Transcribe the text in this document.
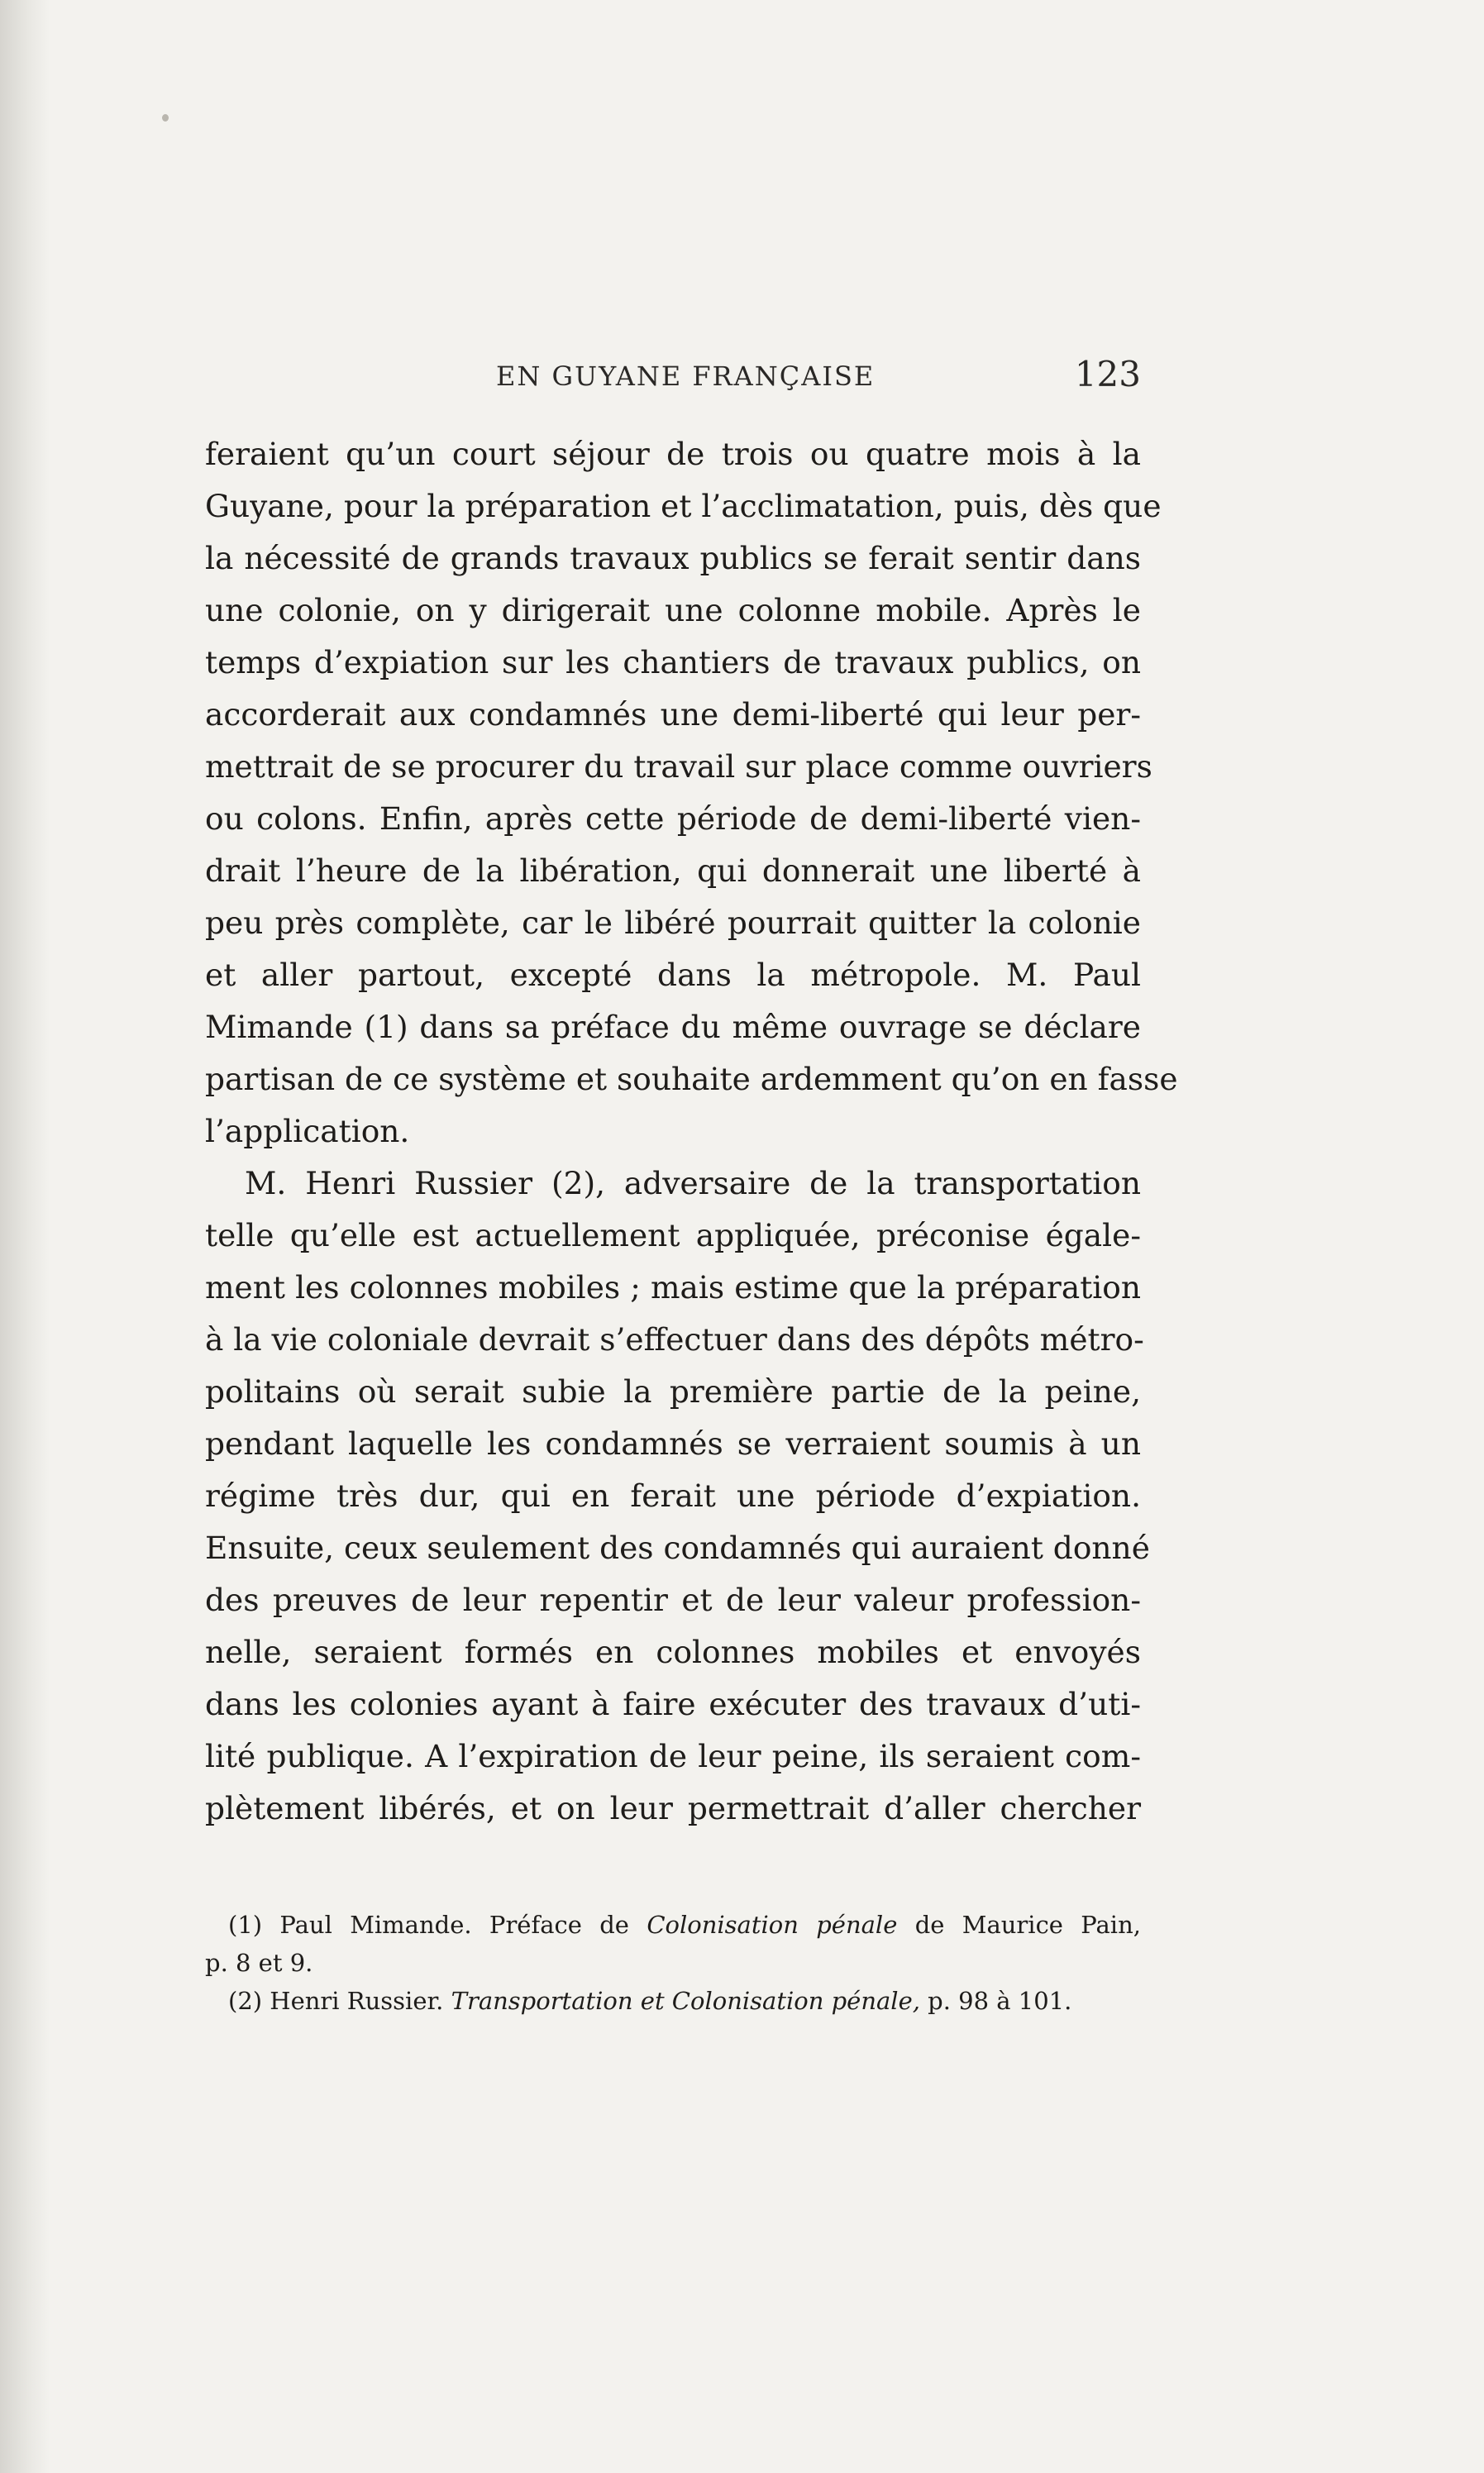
EN GUYANE FRANÇAISE	123
feraient qu’un court séjour de trois ou quatre mois à la
Guyane, pour la préparation et l’acclimatation, puis, dès que
la nécessité de grands travaux publics se ferait sentir dans
une colonie, on y dirigerait une colonne mobile. Après le
temps d’expiation sur les chantiers de travaux publics, on
accorderait aux condamnés une demi-liberté qui leur per-
mettrait de se procurer du travail sur place comme ouvriers
ou colons. Enfin, après cette période de demi-liberté vien-
drait l’heure de la libération, qui donnerait une liberté à
peu près complète, car le libéré pourrait quitter la colonie
et aller partout, excepté dans la métropole. M. Paul
Mimande (1) dans sa préface du même ouvrage se déclare
partisan de ce système et souhaite ardemment qu’on en fasse
l’application.
M. Henri Russier (2), adversaire de la transportation
telle qu’elle est actuellement appliquée, préconise égale-
ment les colonnes mobiles ; mais estime que la préparation
à la vie coloniale devrait s’effectuer dans des dépôts métro-
politains où serait subie la première partie de la peine,
pendant laquelle les condamnés se verraient soumis à un
régime très dur, qui en ferait une période d’expiation.
Ensuite, ceux seulement des condamnés qui auraient donné
des preuves de leur repentir et de leur valeur profession-
nelle, seraient formés en colonnes mobiles et envoyés
dans les colonies ayant à faire exécuter des travaux d’uti-
lité publique. A l’expiration de leur peine, ils seraient com-
plètement libérés, et on leur permettrait d’aller chercher
(1) Paul Mimande. Préface de Colonisation pénale de Maurice Pain,
p. 8 et 9.
(2) Henri Russier. Transportation et Colonisation pénale, p. 98 à 101.
